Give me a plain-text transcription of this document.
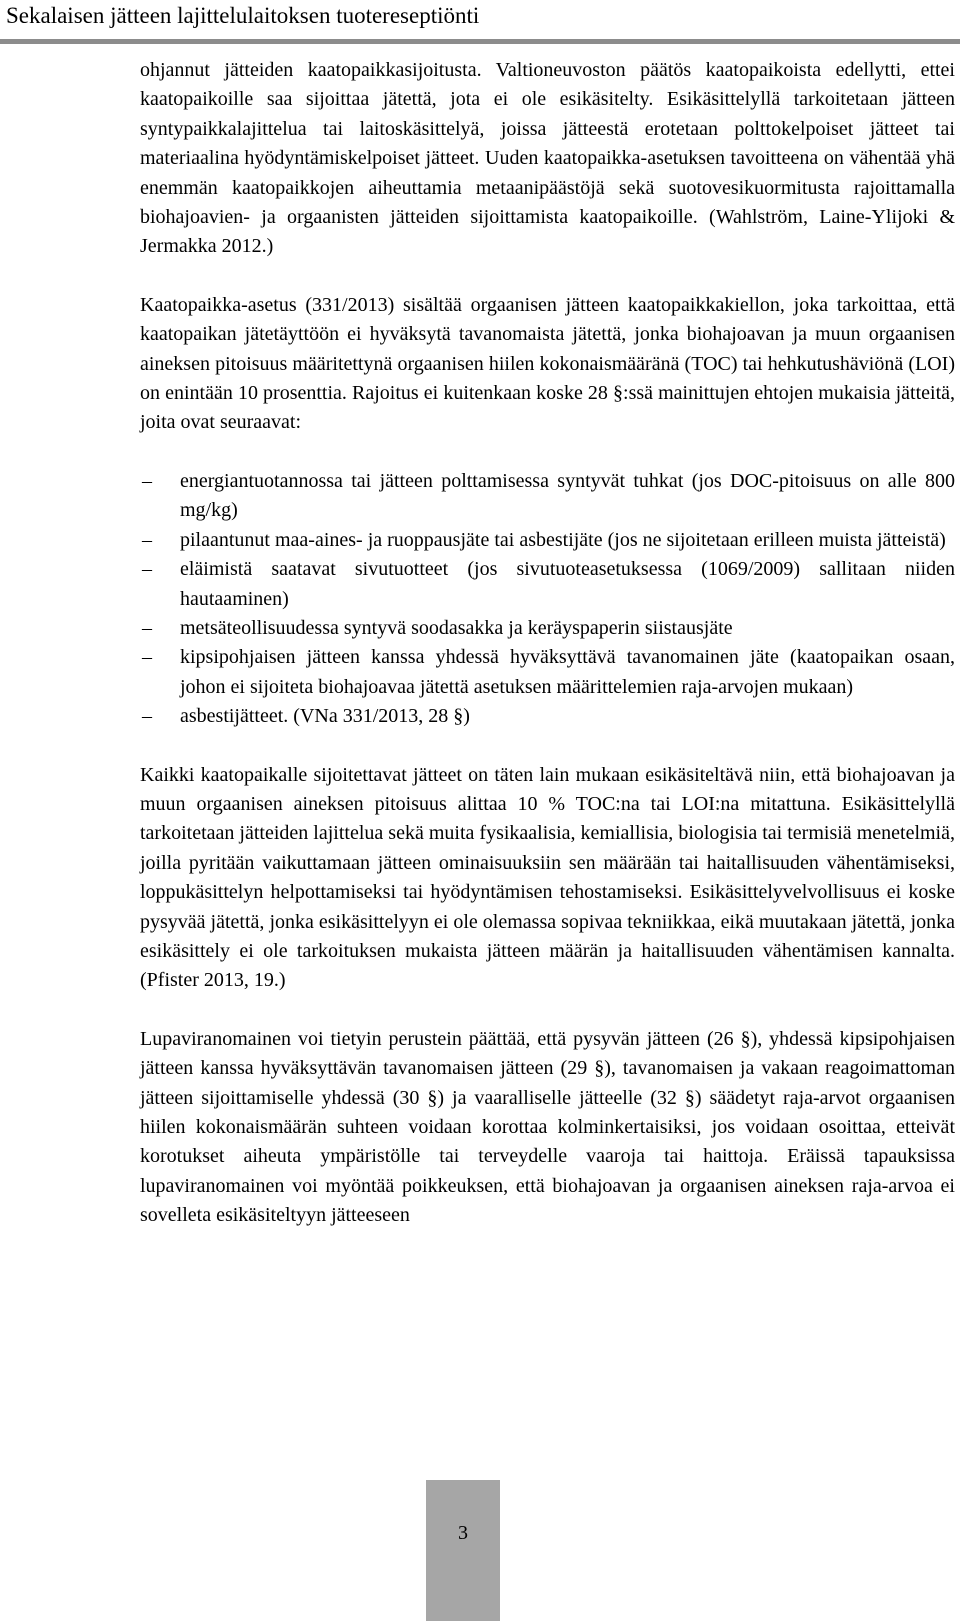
Sekalaisen jätteen lajittelulaitoksen tuotereseptiönti

ohjannut jätteiden kaatopaikkasijoitusta. Valtioneuvoston päätös kaatopaikoista edellytti, ettei kaatopaikoille saa sijoittaa jätettä, jota ei ole esikäsitelty. Esikäsittelyllä tarkoitetaan jätteen syntypaikkalajittelua tai laitoskäsittelyä, joissa jätteestä erotetaan polttokelpoiset jätteet tai materiaalina hyödyntämiskelpoiset jätteet. Uuden kaatopaikka-asetuksen tavoitteena on vähentää yhä enemmän kaatopaikkojen aiheuttamia metaanipäästöjä sekä suotovesikuormitusta rajoittamalla biohajoavien- ja orgaanisten jätteiden sijoittamista kaatopaikoille. (Wahlström, Laine-Ylijoki & Jermakka 2012.)

Kaatopaikka-asetus (331/2013) sisältää orgaanisen jätteen kaatopaikkakiellon, joka tarkoittaa, että kaatopaikan jätetäyttöön ei hyväksytä tavanomaista jätettä, jonka biohajoavan ja muun orgaanisen aineksen pitoisuus määritettynä orgaanisen hiilen kokonaismääränä (TOC) tai hehkutushäviönä (LOI) on enintään 10 prosenttia. Rajoitus ei kuitenkaan koske 28 §:ssä mainittujen ehtojen mukaisia jätteitä, joita ovat seuraavat:

–	energiantuotannossa tai jätteen polttamisessa syntyvät tuhkat (jos DOC-pitoisuus on alle 800 mg/kg)
–	pilaantunut maa-aines- ja ruoppausjäte tai asbestijäte (jos ne sijoitetaan erilleen muista jätteistä)
–	eläimistä saatavat sivutuotteet (jos sivutuoteasetuksessa (1069/2009) sallitaan niiden hautaaminen)
–	metsäteollisuudessa syntyvä soodasakka ja keräyspaperin siistausjäte
–	kipsipohjaisen jätteen kanssa yhdessä hyväksyttävä tavanomainen jäte (kaatopaikan osaan, johon ei sijoiteta biohajoavaa jätettä asetuksen määrittelemien raja-arvojen mukaan)
–	asbestijätteet. (VNa 331/2013, 28 §)

Kaikki kaatopaikalle sijoitettavat jätteet on täten lain mukaan esikäsiteltävä niin, että biohajoavan ja muun orgaanisen aineksen pitoisuus alittaa 10 % TOC:na tai LOI:na mitattuna. Esikäsittelyllä tarkoitetaan jätteiden lajittelua sekä muita fysikaalisia, kemiallisia, biologisia tai termisiä menetelmiä, joilla pyritään vaikuttamaan jätteen ominaisuuksiin sen määrään tai haitallisuuden vähentämiseksi, loppukäsittelyn helpottamiseksi tai hyödyntämisen tehostamiseksi. Esikäsittelyvelvollisuus ei koske pysyvää jätettä, jonka esikäsittelyyn ei ole olemassa sopivaa tekniikkaa, eikä muutakaan jätettä, jonka esikäsittely ei ole tarkoituksen mukaista jätteen määrän ja haitallisuuden vähentämisen kannalta. (Pfister 2013, 19.)

Lupaviranomainen voi tietyin perustein päättää, että pysyvän jätteen (26 §), yhdessä kipsipohjaisen jätteen kanssa hyväksyttävän tavanomaisen jätteen (29 §), tavanomaisen ja vakaan reagoimattoman jätteen sijoittamiselle yhdessä (30 §) ja vaaralliselle jätteelle (32 §) säädetyt raja-arvot orgaanisen hiilen kokonaismäärän suhteen voidaan korottaa kolminkertaisiksi, jos voidaan osoittaa, etteivät korotukset aiheuta ympäristölle tai terveydelle vaaroja tai haittoja. Eräissä tapauksissa lupaviranomainen voi myöntää poikkeuksen, että biohajoavan ja orgaanisen aineksen raja-arvoa ei sovelleta esikäsiteltyyn jätteeseen

3
